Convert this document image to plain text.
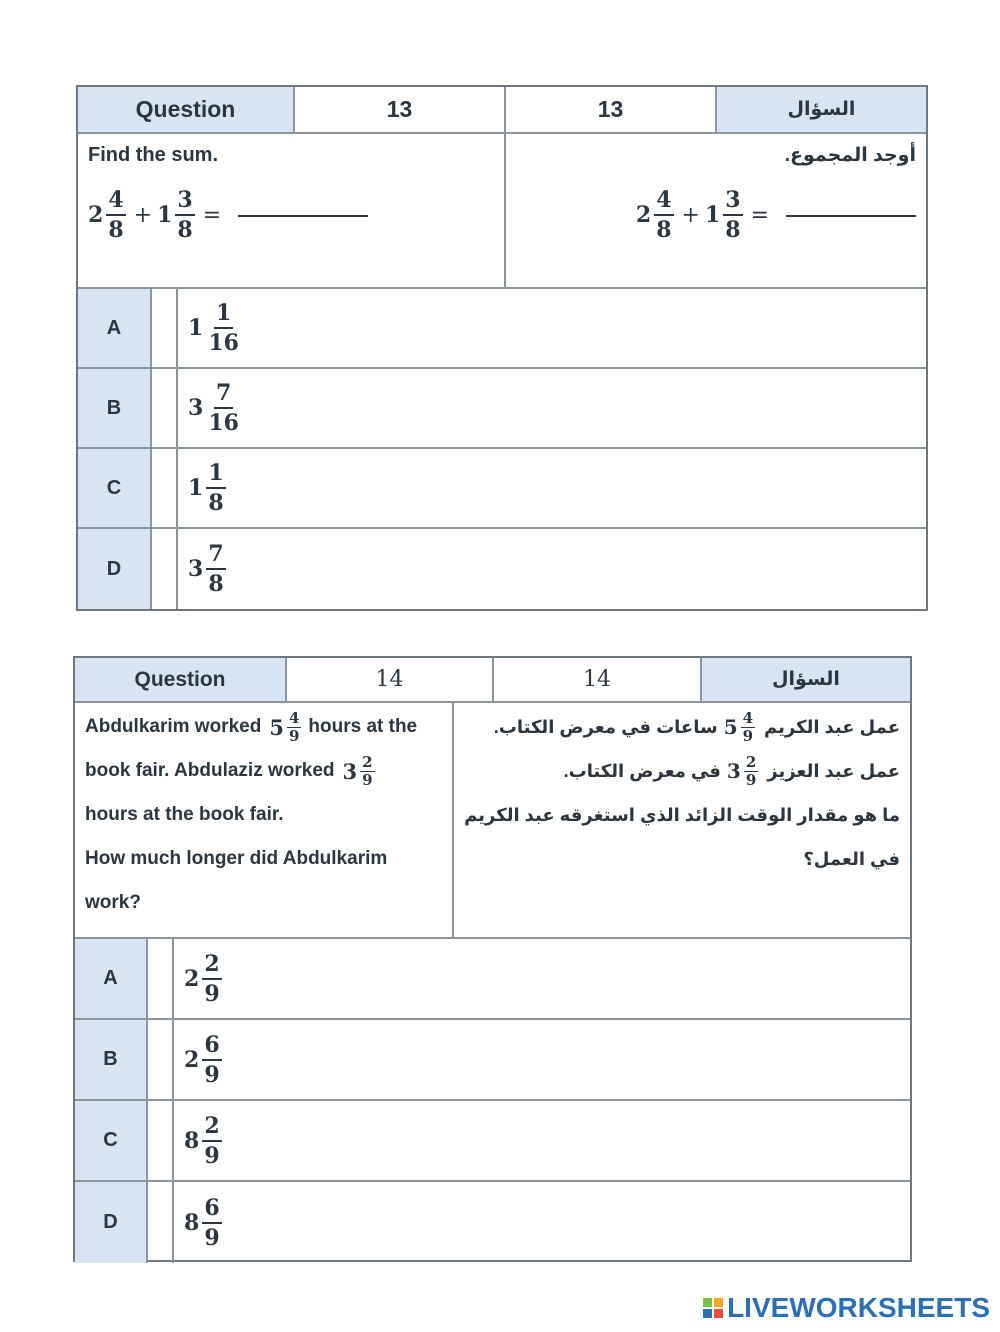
Question	13	13	السؤال
Find the sum.
$2 \frac{4}{8} + 1 \frac{3}{8}$ =
أوجد المجموع.
$2 \frac{4}{8} + 1 \frac{3}{8}$ =
A	$1 \frac{1}{16}$
B	$3 \frac{7}{16}$
C	$1 \frac{1}{8}$
D	$3 \frac{7}{8}$
Question	14	14	السؤال
Abdulkarim worked $5 \frac{4}{9}$ hours at the
book fair. Abdulaziz worked $3 \frac{2}{9}$
hours at the book fair.
How much longer did Abdulkarim
work?
عمل عبد الكريم
$5 \frac{4}{9}$
ساعات في معرض الكتاب.
عمل عبد العزيز
$3 \frac{2}{9}$
في معرض الكتاب.
ما هو مقدار الوقت الزائد الذي استغرقه عبد الكريم
في العمل؟
A	$2 \frac{2}{9}$
B	$2 \frac{6}{9}$
C	$8 \frac{2}{9}$
D	$8 \frac{6}{9}$
LIVEWORKSHEETS
